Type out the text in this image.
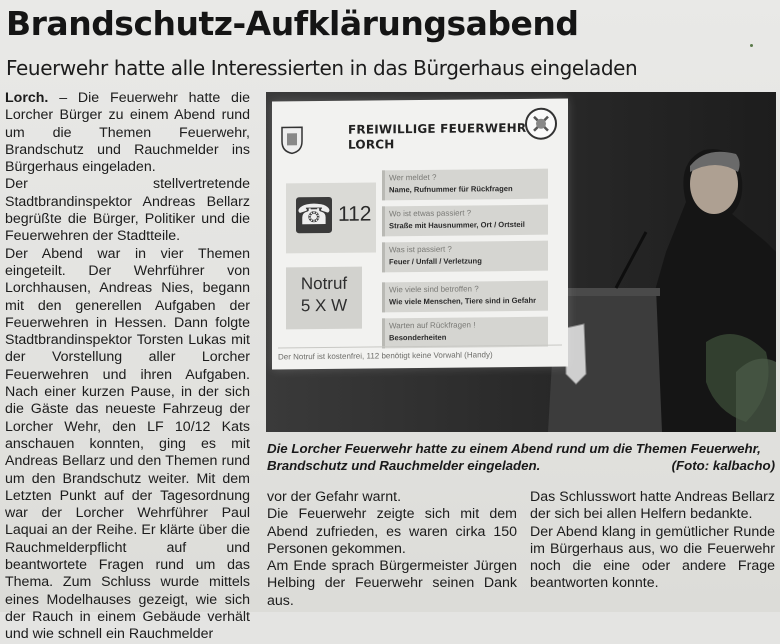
Brandschutz-Aufklärungsabend
Feuerwehr hatte alle Interessierten in das Bürgerhaus eingeladen

Lorch. – Die Feuerwehr hatte die Lorcher Bürger zu einem Abend rund um die Themen Feuerwehr, Brandschutz und Rauchmelder ins Bürgerhaus eingeladen.

Der stellvertretende Stadtbrandinspektor Andreas Bellarz begrüßte die Bürger, Politiker und die Feuerwehren der Stadtteile.

Der Abend war in vier Themen eingeteilt. Der Wehrführer von Lorchhausen, Andreas Nies, begann mit den generellen Aufgaben der Feuerwehren in Hessen. Dann folgte Stadtbrandinspektor Torsten Lukas mit der Vorstellung aller Lorcher Feuerwehren und ihren Aufgaben. Nach einer kurzen Pause, in der sich die Gäste das neueste Fahrzeug der Lorcher Wehr, den LF 10/12 Kats anschauen konnten, ging es mit Andreas Bellarz und den Themen rund um den Brandschutz weiter. Mit dem Letzten Punkt auf der Tagesordnung war der Lorcher Wehrführer Paul Laquai an der Reihe. Er klärte über die Rauchmelderpflicht auf und beantwortete Fragen rund um das Thema. Zum Schluss wurde mittels eines Modelhauses gezeigt, wie sich der Rauch in einem Gebäude verhält und wie schnell ein Rauchmelder

FREIWILLIGE FEUERWEHR
LORCH

☎ 112
Notruf
5 X W
Wer meldet ?
Name, Rufnummer für Rückfragen
Wo ist etwas passiert ?
Straße mit Hausnummer, Ort / Ortsteil
Was ist passiert ?
Feuer / Unfall / Verletzung
Wie viele sind betroffen ?
Wie viele Menschen, Tiere sind in Gefahr
Warten auf Rückfragen !
Besonderheiten
Der Notruf ist kostenfrei, 112 benötigt keine Vorwahl (Handy)

Die Lorcher Feuerwehr hatte zu einem Abend rund um die Themen Feuerwehr, Brandschutz und Rauchmelder eingeladen.	(Foto: kalbacho)

vor der Gefahr warnt.

Die Feuerwehr zeigte sich mit dem Abend zufrieden, es waren cirka 150 Personen gekommen.

Am Ende sprach Bürgermeister Jürgen Helbing der Feuerwehr seinen Dank aus.

Das Schlusswort hatte Andreas Bellarz der sich bei allen Helfern bedankte.

Der Abend klang in gemütlicher Runde im Bürgerhaus aus, wo die Feuerwehr noch die eine oder andere Frage beantworten konnte.
